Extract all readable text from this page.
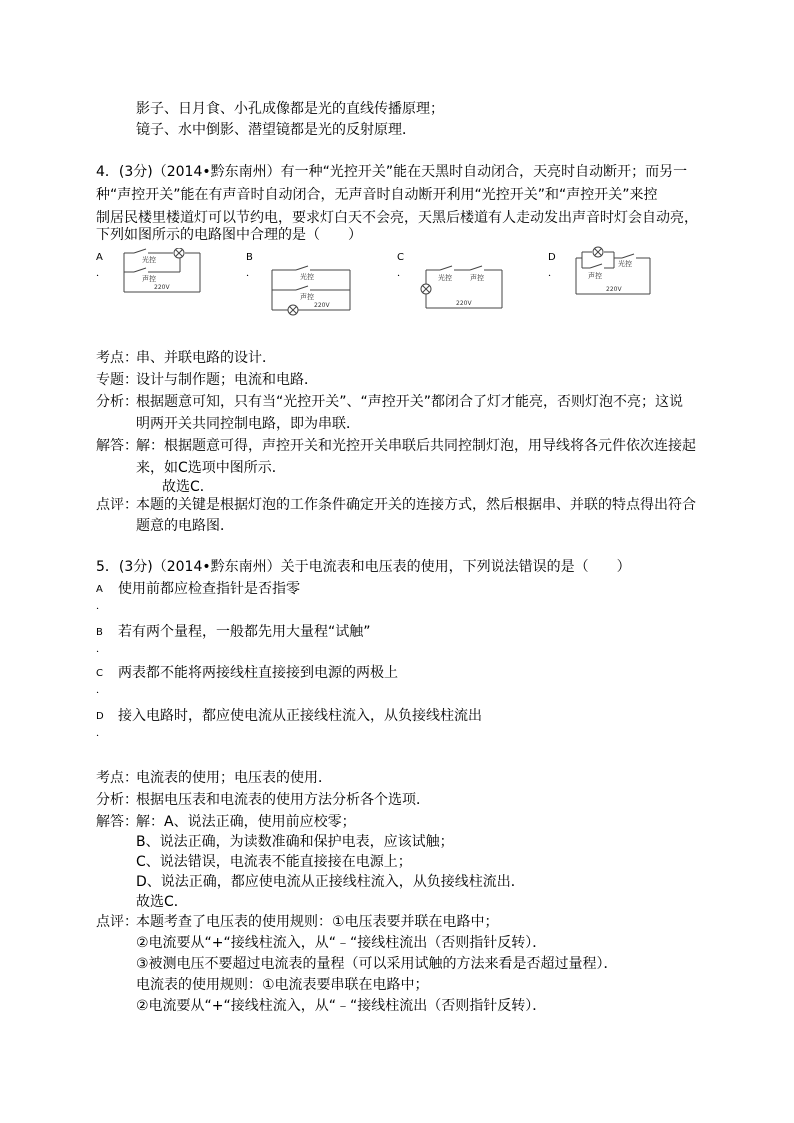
影子、日月食、小孔成像都是光的直线传播原理；
镜子、水中倒影、潜望镜都是光的反射原理．
4．(3分)（2014•黔东南州）有一种“光控开关”能在天黑时自动闭合，天亮时自动断开；而另一
种“声控开关”能在有声音时自动闭合，无声音时自动断开利用“光控开关”和“声控开关”来控
制居民楼里楼道灯可以节约电，要求灯白天不会亮，天黑后楼道有人走动发出声音时灯会自动亮，
下列如图所示的电路图中合理的是（　　）
A
．
B
．
C
．
D
．
光控
声控
220V
光控
声控
220V
光控	声控
220V
光控
声控
220V
考点：
串、并联电路的设计．
专题：
设计与制作题；电流和电路．
分析：
根据题意可知，只有当“光控开关”、“声控开关”都闭合了灯才能亮，否则灯泡不亮；这说
明两开关共同控制电路，即为串联．
解答：
解：根据题意可得，声控开关和光控开关串联后共同控制灯泡，用导线将各元件依次连接起
来，如C选项中图所示．
故选C．
点评：
本题的关键是根据灯泡的工作条件确定开关的连接方式，然后根据串、并联的特点得出符合
题意的电路图．
5．(3分)（2014•黔东南州）关于电流表和电压表的使用，下列说法错误的是（　　）
A 使用前都应检查指针是否指零
．
B 若有两个量程，一般都先用大量程“试触”
．
C 两表都不能将两接线柱直接接到电源的两极上
．
D 接入电路时，都应使电流从正接线柱流入，从负接线柱流出
．
考点：
电流表的使用；电压表的使用．
分析：
根据电压表和电流表的使用方法分析各个选项．
解答：
解：A、说法正确，使用前应校零；
B、说法正确，为读数准确和保护电表，应该试触；
C、说法错误，电流表不能直接接在电源上；
D、说法正确，都应使电流从正接线柱流入，从负接线柱流出．
故选C．
点评：
本题考查了电压表的使用规则：①电压表要并联在电路中；
②电流要从“+“接线柱流入，从“﹣“接线柱流出（否则指针反转）．
③被测电压不要超过电流表的量程（可以采用试触的方法来看是否超过量程）．
电流表的使用规则：①电流表要串联在电路中；
②电流要从“+“接线柱流入，从“﹣“接线柱流出（否则指针反转）．
